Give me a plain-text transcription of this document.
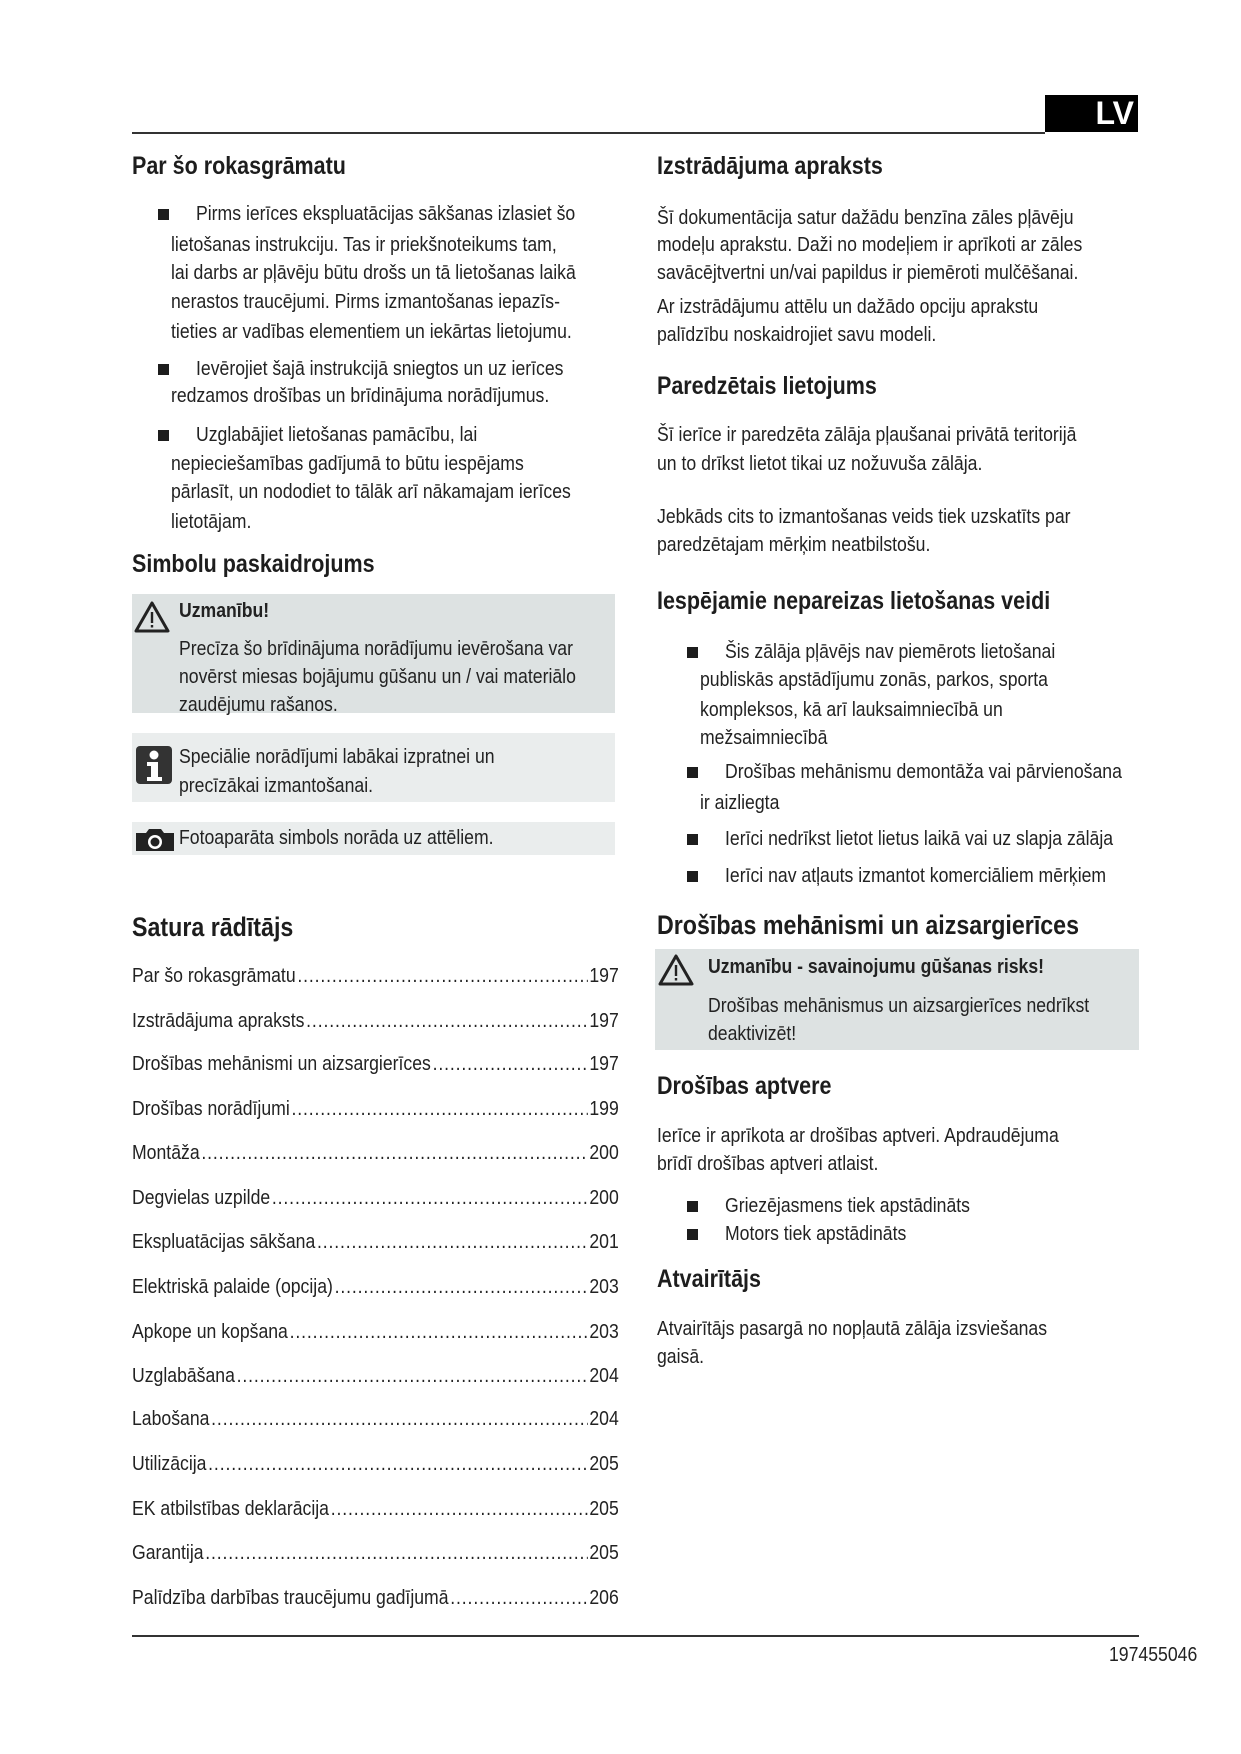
LV
Par šo rokasgrāmatu
Pirms ierīces ekspluatācijas sākšanas izlasiet šo
lietošanas instrukciju. Tas ir priekšnoteikums tam,
lai darbs ar pļāvēju būtu drošs un tā lietošanas laikā
nerastos traucējumi. Pirms izmantošanas iepazīs-
tieties ar vadības elementiem un iekārtas lietojumu.
Ievērojiet šajā instrukcijā sniegtos un uz ierīces
redzamos drošības un brīdinājuma norādījumus.
Uzglabājiet lietošanas pamācību, lai
nepieciešamības gadījumā to būtu iespējams
pārlasīt, un nododiet to tālāk arī nākamajam ierīces
lietotājam.
Simbolu paskaidrojums
Uzmanību!
Precīza šo brīdinājuma norādījumu ievērošana var
novērst miesas bojājumu gūšanu un / vai materiālo
zaudējumu rašanos.
Speciālie norādījumi labākai izpratnei un
precīzākai izmantošanai.
Fotoaparāta simbols norāda uz attēliem.
Satura rādītājs
Par šo rokasgrāmatu .....	197
Izstrādājuma apraksts .....	197
Drošības mehānismi un aizsargierīces .....	197
Drošības norādījumi .....	199
Montāža .....	200
Degvielas uzpilde .....	200
Ekspluatācijas sākšana .....	201
Elektriskā palaide (opcija) .....	203
Apkope un kopšana .....	203
Uzglabāšana .....	204
Labošana .....	204
Utilizācija .....	205
EK atbilstības deklarācija .....	205
Garantija .....	205
Palīdzība darbības traucējumu gadījumā .....	206
Izstrādājuma apraksts
Šī dokumentācija satur dažādu benzīna zāles pļāvēju
modeļu aprakstu. Daži no modeļiem ir aprīkoti ar zāles
savācējtvertni un/vai papildus ir piemēroti mulčēšanai.
Ar izstrādājumu attēlu un dažādo opciju aprakstu
palīdzību noskaidrojiet savu modeli.
Paredzētais lietojums
Šī ierīce ir paredzēta zālāja pļaušanai privātā teritorijā
un to drīkst lietot tikai uz nožuvuša zālāja.
Jebkāds cits to izmantošanas veids tiek uzskatīts par
paredzētajam mērķim neatbilstošu.
Iespējamie nepareizas lietošanas veidi
Šis zālāja pļāvējs nav piemērots lietošanai
publiskās apstādījumu zonās, parkos, sporta
kompleksos, kā arī lauksaimniecībā un
mežsaimniecībā
Drošības mehānismu demontāža vai pārvienošana
ir aizliegta
Ierīci nedrīkst lietot lietus laikā vai uz slapja zālāja
Ierīci nav atļauts izmantot komerciāliem mērķiem
Drošības mehānismi un aizsargierīces
Uzmanību - savainojumu gūšanas risks!
Drošības mehānismus un aizsargierīces nedrīkst
deaktivizēt!
Drošības aptvere
Ierīce ir aprīkota ar drošības aptveri. Apdraudējuma
brīdī drošības aptveri atlaist.
Griezējasmens tiek apstādināts
Motors tiek apstādināts
Atvairītājs
Atvairītājs pasargā no nopļautā zālāja izsviešanas
gaisā.
197455046
